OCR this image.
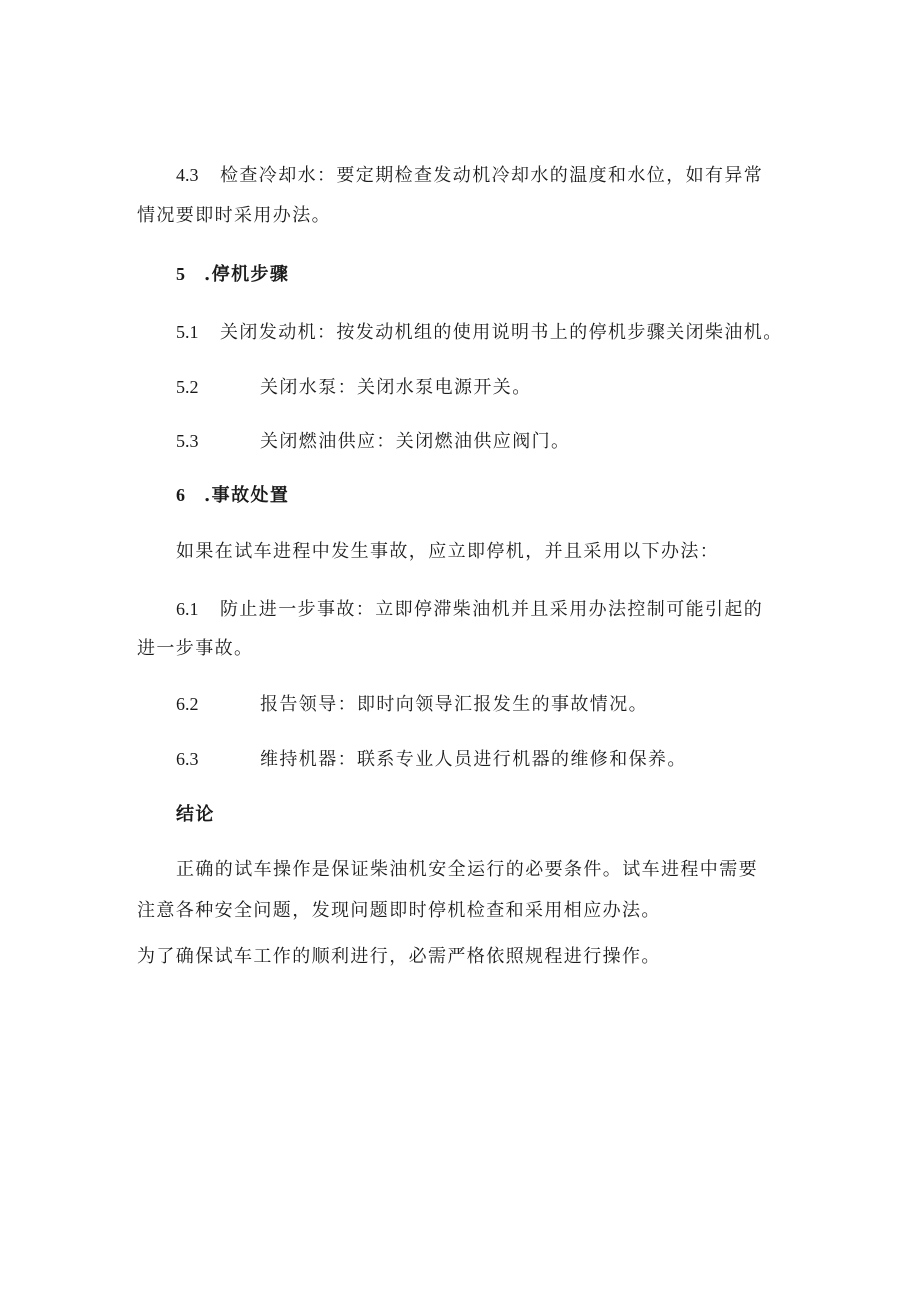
4.3 检查冷却水：要定期检查发动机冷却水的温度和水位，如有异常

情况要即时采用办法。

5 .停机步骤

5.1 关闭发动机：按发动机组的使用说明书上的停机步骤关闭柴油机。

5.2	关闭水泵：关闭水泵电源开关。

5.3	关闭燃油供应：关闭燃油供应阀门。

6 .事故处置

如果在试车进程中发生事故，应立即停机，并且采用以下办法：

6.1 防止进一步事故：立即停滞柴油机并且采用办法控制可能引起的

进一步事故。

6.2	报告领导：即时向领导汇报发生的事故情况。

6.3	维持机器：联系专业人员进行机器的维修和保养。

结论

正确的试车操作是保证柴油机安全运行的必要条件。试车进程中需要

注意各种安全问题，发现问题即时停机检查和采用相应办法。

为了确保试车工作的顺利进行，必需严格依照规程进行操作。
